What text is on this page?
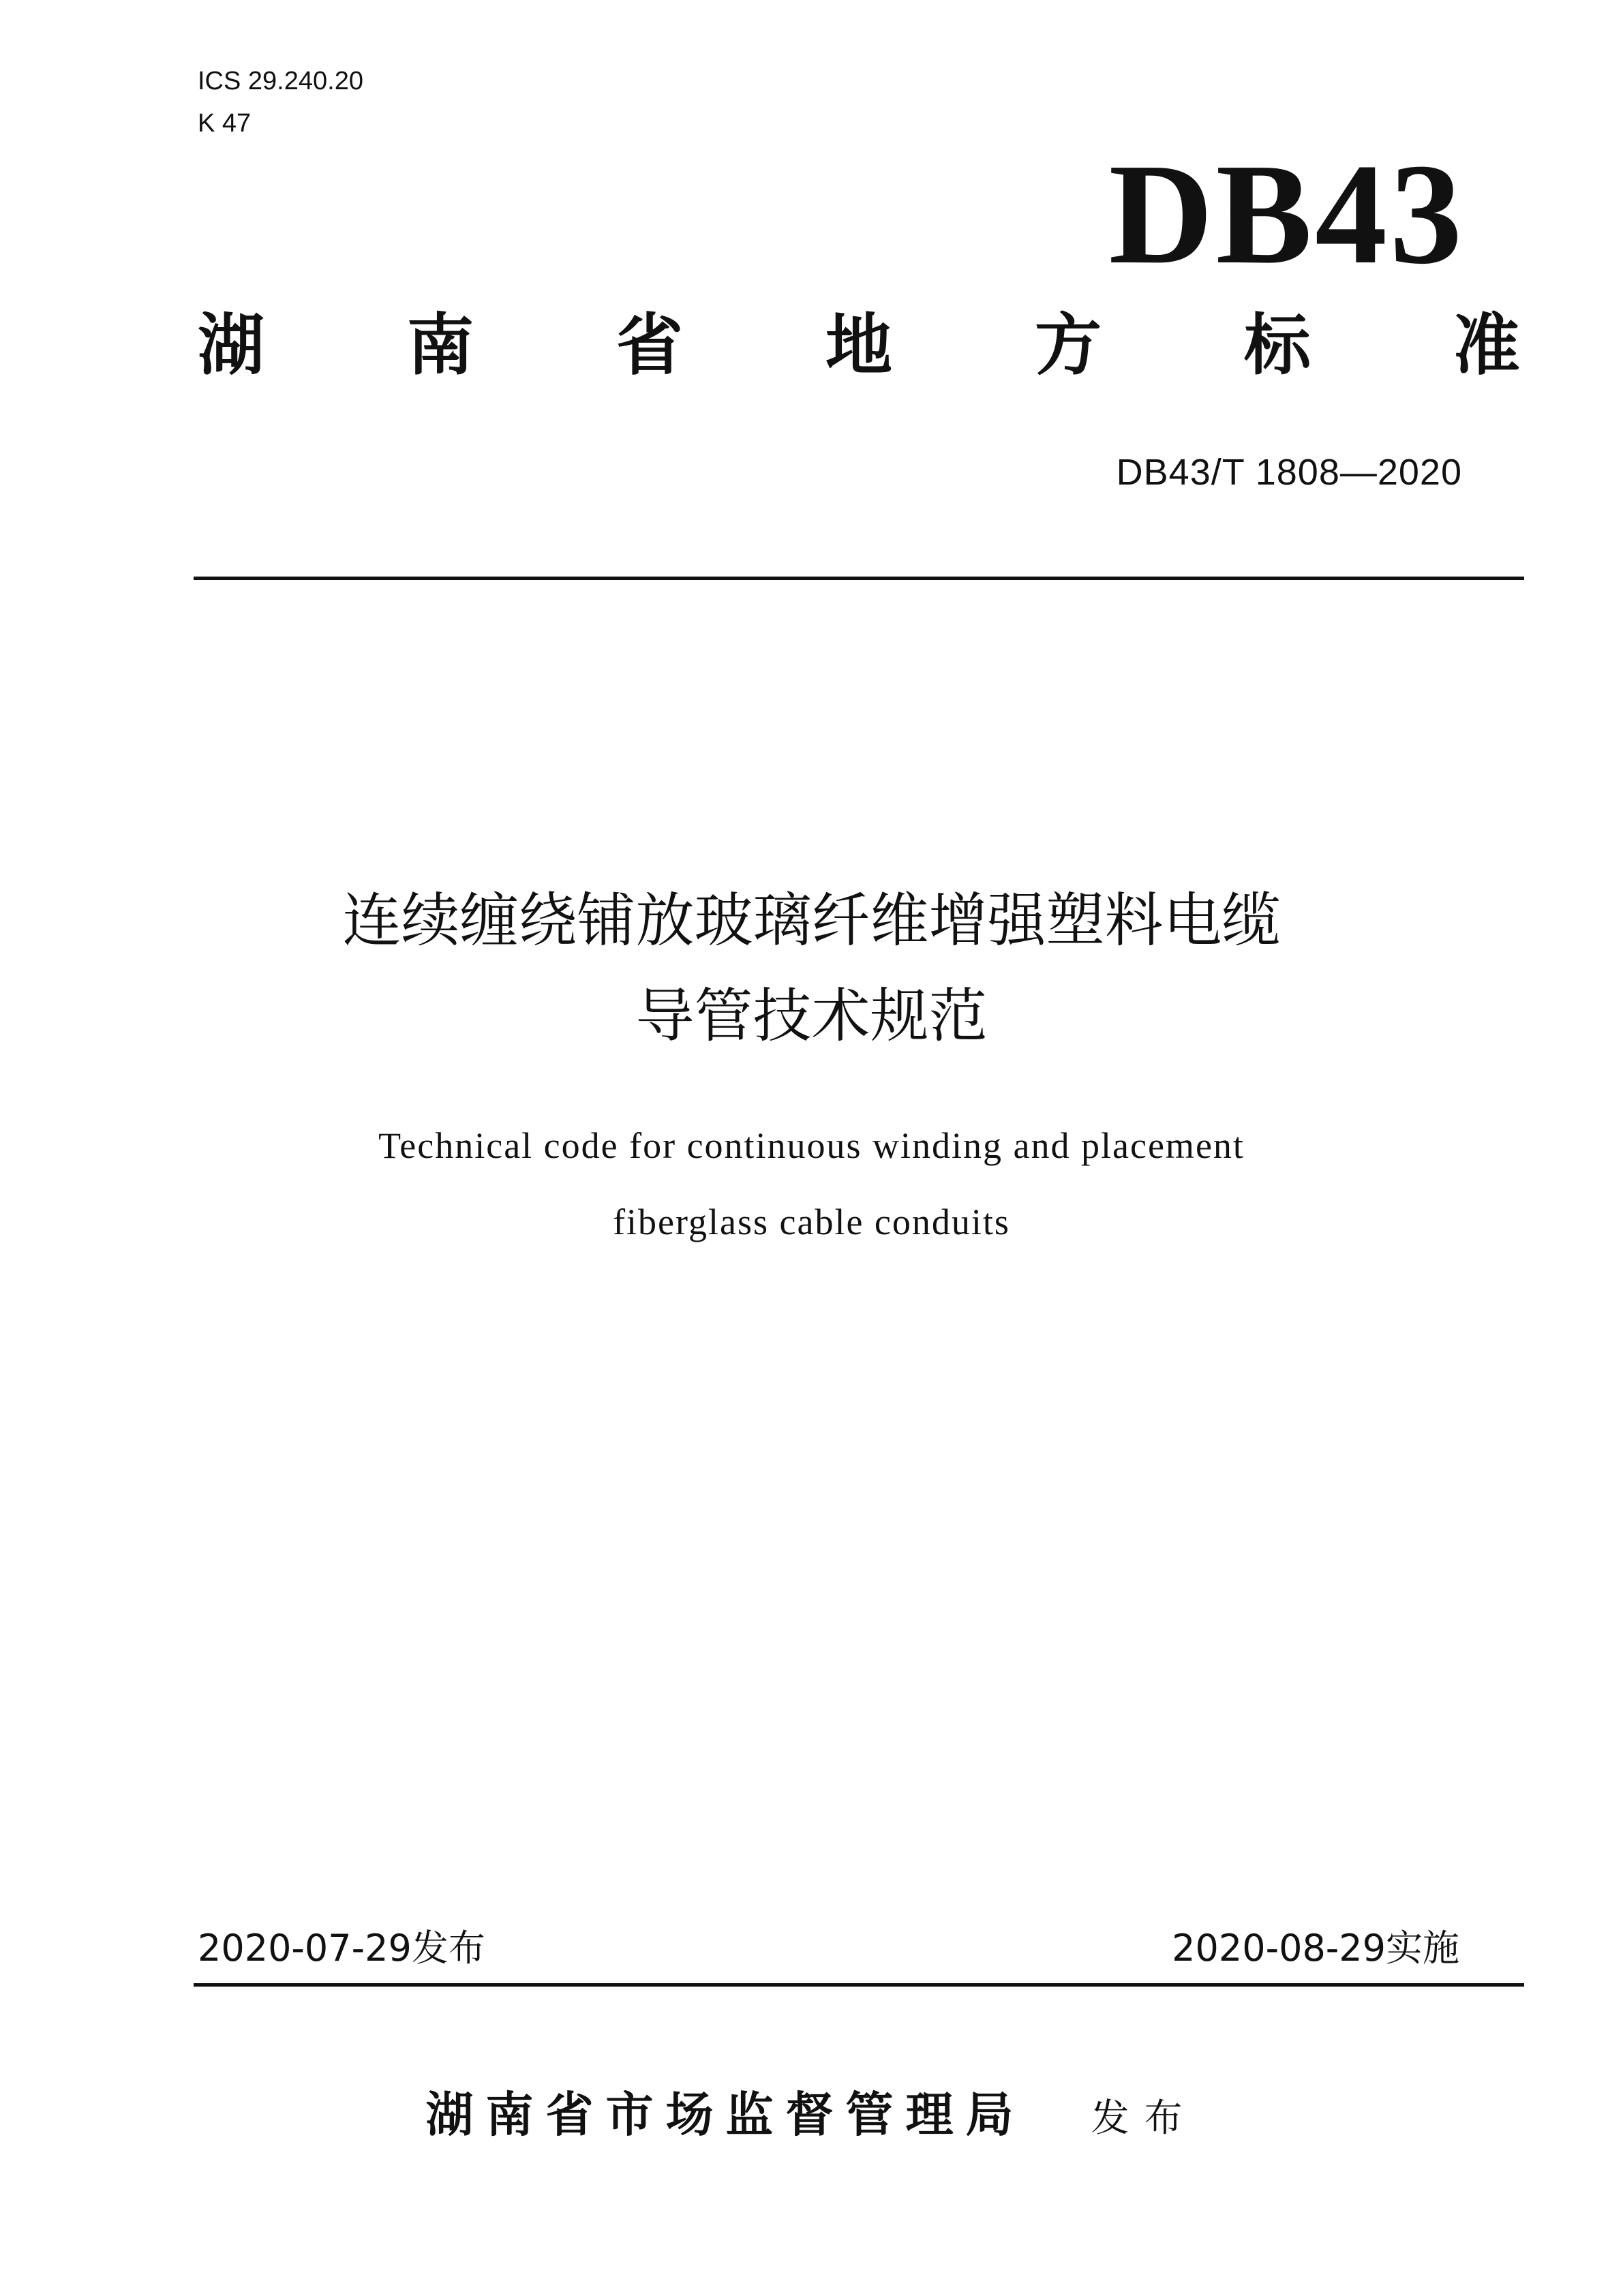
ICS 29.240.20
K 47
DB43
湖 南 省 地 方 标 准
DB43/T 1808—2020
连续缠绕铺放玻璃纤维增强塑料电缆
导管技术规范
Technical code for continuous winding and placement
fiberglass cable conduits
2020-07-29发布	2020-08-29实施
湖南省市场监督管理局 发布
